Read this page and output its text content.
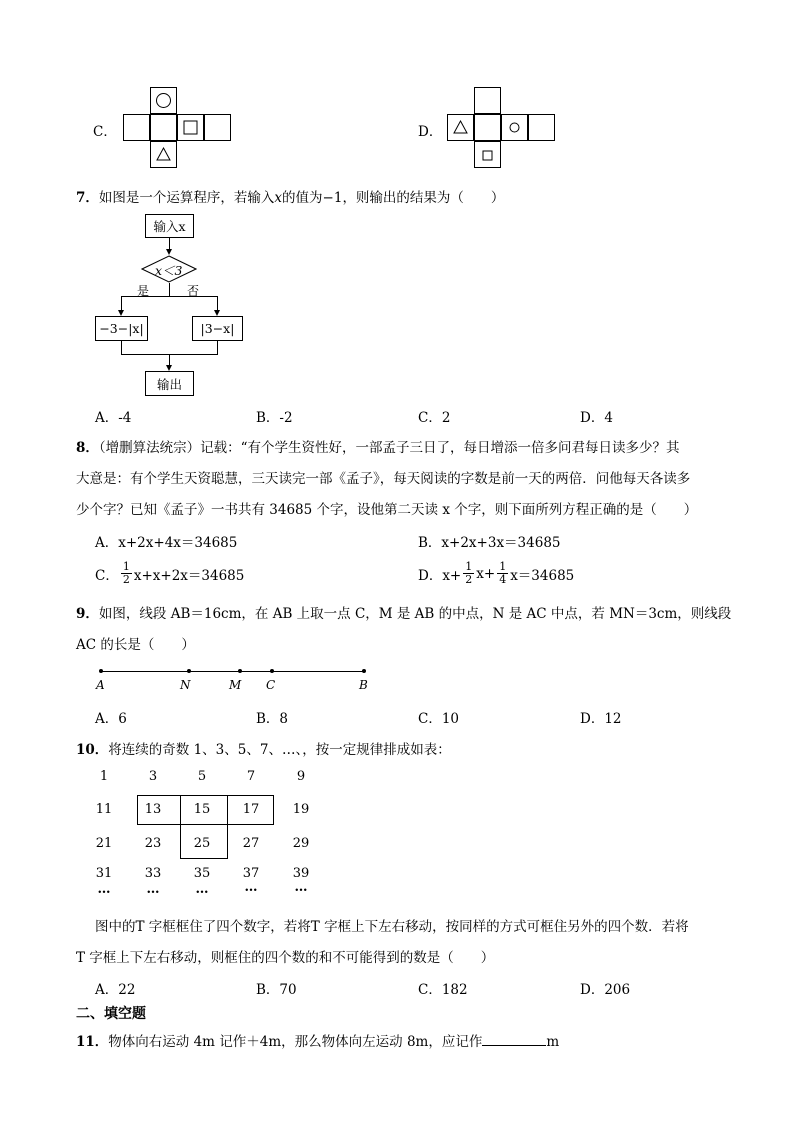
C．	D．
7．如图是一个运算程序，若输入x的值为−1，则输出的结果为（　　）
输入x
x＜3
是	否
−3−|x|	|3−x|
输出
A．-4	B．-2	C．2	D．4
8．（增删算法统宗）记载：“有个学生资性好，一部孟子三日了，每日增添一倍多问君每日读多少？其
大意是：有个学生天资聪慧，三天读完一部《孟子》，每天阅读的字数是前一天的两倍．问他每天各读多
少个字？已知《孟子》一书共有 34685 个字，设他第二天读 x 个字，则下面所列方程正确的是（　　）
A．x+2x+4x＝34685	B．x+2x+3x＝34685
C． $\frac{1}{2} x+x+2x=34685$	D．$x+ \frac{1}{2} x+ \frac{1}{4} x=34685$
9．如图，线段 AB＝16cm，在 AB 上取一点 C，M 是 AB 的中点，N 是 AC 中点，若 MN＝3cm，则线段
AC 的长是（　　）
A	N	M C	B
A．6	B．8	C．10	D．12
10．将连续的奇数 1、3、5、7、…、，按一定规律排成如表：
1	3	5	7	9
11	13	15	17	19
21	23	25	27	29
31	33	35	37	39
…	…	…	…	…
图中的T 字框框住了四个数字，若将T 字框上下左右移动，按同样的方式可框住另外的四个数．若将
T 字框上下左右移动，则框住的四个数的和不可能得到的数是（　　）
A．22	B．70	C．182	D．206
二、填空题
11．物体向右运动 4m 记作＋4m，那么物体向左运动 8m，应记作	m
